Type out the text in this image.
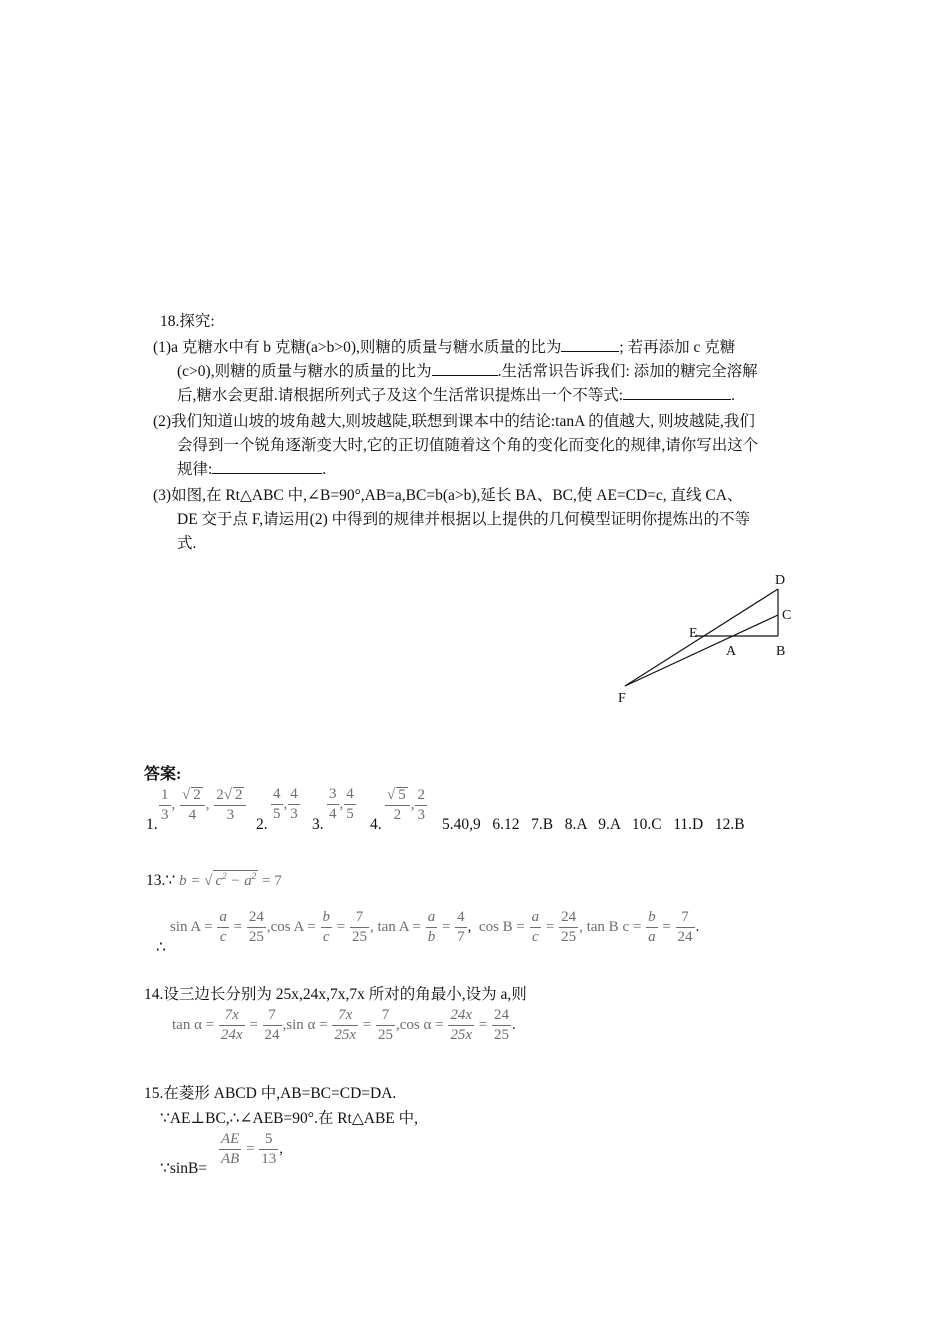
18.探究:
(1)a 克糖水中有 b 克糖(a>b>0),则糖的质量与糖水质量的比为	; 若再添加 c 克糖
(c>0),则糖的质量与糖水的质量的比为	.生活常识告诉我们: 添加的糖完全溶解
后,糖水会更甜.请根据所列式子及这个生活常识提炼出一个不等式:	.
(2)我们知道山坡的坡角越大,则坡越陡,联想到课本中的结论:tanA 的值越大, 则坡越陡,我们
会得到一个锐角逐渐变大时,它的正切值随着这个角的变化而变化的规律,请你写出这个
规律:	.
(3)如图,在 Rt△ABC 中,∠B=90°,AB=a,BC=b(a>b),延长 BA、BC,使 AE=CD=c, 直线 CA、
DE 交于点 F,请运用(2) 中得到的规律并根据以上提供的几何模型证明你提炼出的不等
式.
D
C
E
A	B
F
答案:
1.
$\frac{1}{3}$ , $\frac{√ 2}{4}$ , $\frac{2√ 2}{3}$
2.
$\frac{4}{5}$ , $\frac{4}{3}$
3.
$\frac{3}{4}$ , $\frac{4}{5}$
4.
$\frac{√ 5}{2}$ , $\frac{2}{3}$
5.40,9   6.12   7.B   8.A   9.A   10.C   11.D   12.B
13.∵ b = √ $c^2 - a^2 = 7$
∴
$\sin A = \frac{a}{c} = \frac{24}{25} ,\cos$ $A = \frac{b}{c} = \frac{7}{25}$ , $\tan A = \frac{a}{b} = \frac{4}{7}$ , $\cos B = \frac{a}{c} = \frac{24}{25}$ , tan B $c = \frac{b}{a} = \frac{7}{24}$ .
14.设三边长分别为 25x,24x,7x,7x 所对的角最小,设为 a,则
$\tan \alpha = \frac{7x}{24x} = \frac{7}{24} ,\sin$ $\alpha = \frac{7x}{25x} = \frac{7}{25} ,\cos$ $\alpha = \frac{24x}{25x} = \frac{24}{25}$ .
15.在菱形 ABCD 中,AB=BC=CD=DA.
∵AE⊥BC,∴∠AEB=90°.在 Rt△ABE 中,
∵sinB=
$\frac{AE}{AB} = \frac{5}{13}$ ,
